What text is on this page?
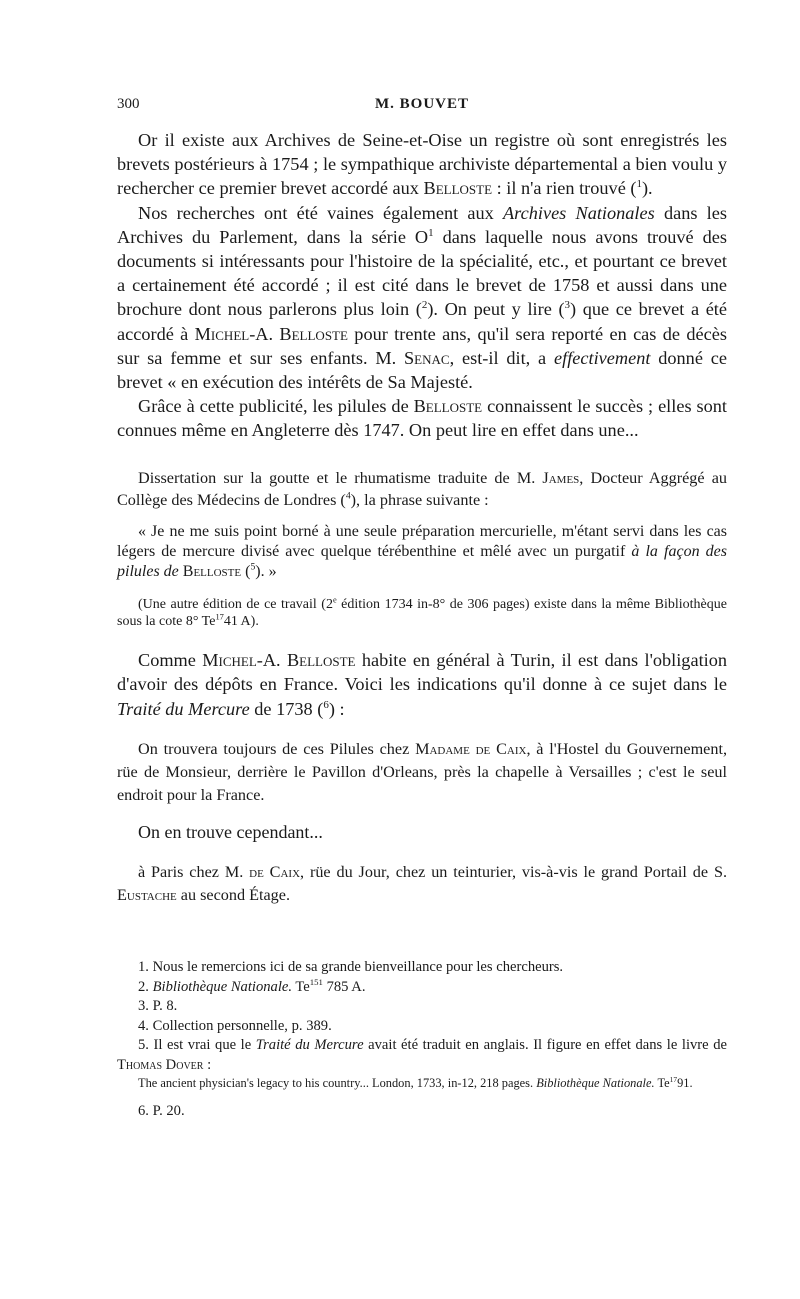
300	M. BOUVET

Or il existe aux Archives de Seine-et-Oise un registre où sont enregistrés les brevets postérieurs à 1754 ; le sympathique archiviste départemental a bien voulu y rechercher ce premier brevet accordé aux Belloste : il n'a rien trouvé ($^1$).

Nos recherches ont été vaines également aux Archives Nationales dans les Archives du Parlement, dans la série $O^1$ dans laquelle nous avons trouvé des documents si intéressants pour l'histoire de la spécialité, etc., et pourtant ce brevet a certainement été accordé ; il est cité dans le brevet de 1758 et aussi dans une brochure dont nous parlerons plus loin ($^2$). On peut y lire ($^3$) que ce brevet a été accordé à Michel-A. Belloste pour trente ans, qu'il sera reporté en cas de décès sur sa femme et sur ses enfants. M. Senac, est-il dit, a effectivement donné ce brevet « en exécution des intérêts de Sa Majesté.

Grâce à cette publicité, les pilules de Belloste connaissent le succès ; elles sont connues même en Angleterre dès 1747. On peut lire en effet dans une...

Dissertation sur la goutte et le rhumatisme traduite de M. James, Docteur Aggrégé au Collège des Médecins de Londres ($^4$), la phrase suivante :

« Je ne me suis point borné à une seule préparation mercurielle, m'étant servi dans les cas légers de mercure divisé avec quelque térébenthine et mêlé avec un purgatif à la façon des pilules de Belloste ($^5$). »

(Une autre édition de ce travail (2e édition 1734 in-8° de 306 pages) existe dans la même Bibliothèque sous la cote 8° Te$^{17}$41 A).

Comme Michel-A. Belloste habite en général à Turin, il est dans l'obligation d'avoir des dépôts en France. Voici les indications qu'il donne à ce sujet dans le Traité du Mercure de 1738 ($^6$) :

On trouvera toujours de ces Pilules chez Madame de Caix, à l'Hostel du Gouvernement, rüe de Monsieur, derrière le Pavillon d'Orleans, près la chapelle à Versailles ; c'est le seul endroit pour la France.

On en trouve cependant...

à Paris chez M. de Caix, rüe du Jour, chez un teinturier, vis-à-vis le grand Portail de S. Eustache au second Étage.

1. Nous le remercions ici de sa grande bienveillance pour les chercheurs.

2. Bibliothèque Nationale. Te$^{151}$ 785 A.

3. P. 8.

4. Collection personnelle, p. 389.

5. Il est vrai que le Traité du Mercure avait été traduit en anglais. Il figure en effet dans le livre de Thomas Dover :

The ancient physician's legacy to his country... London, 1733, in-12, 218 pages. Bibliothèque Nationale. Te$^{17}$91.

6. P. 20.
